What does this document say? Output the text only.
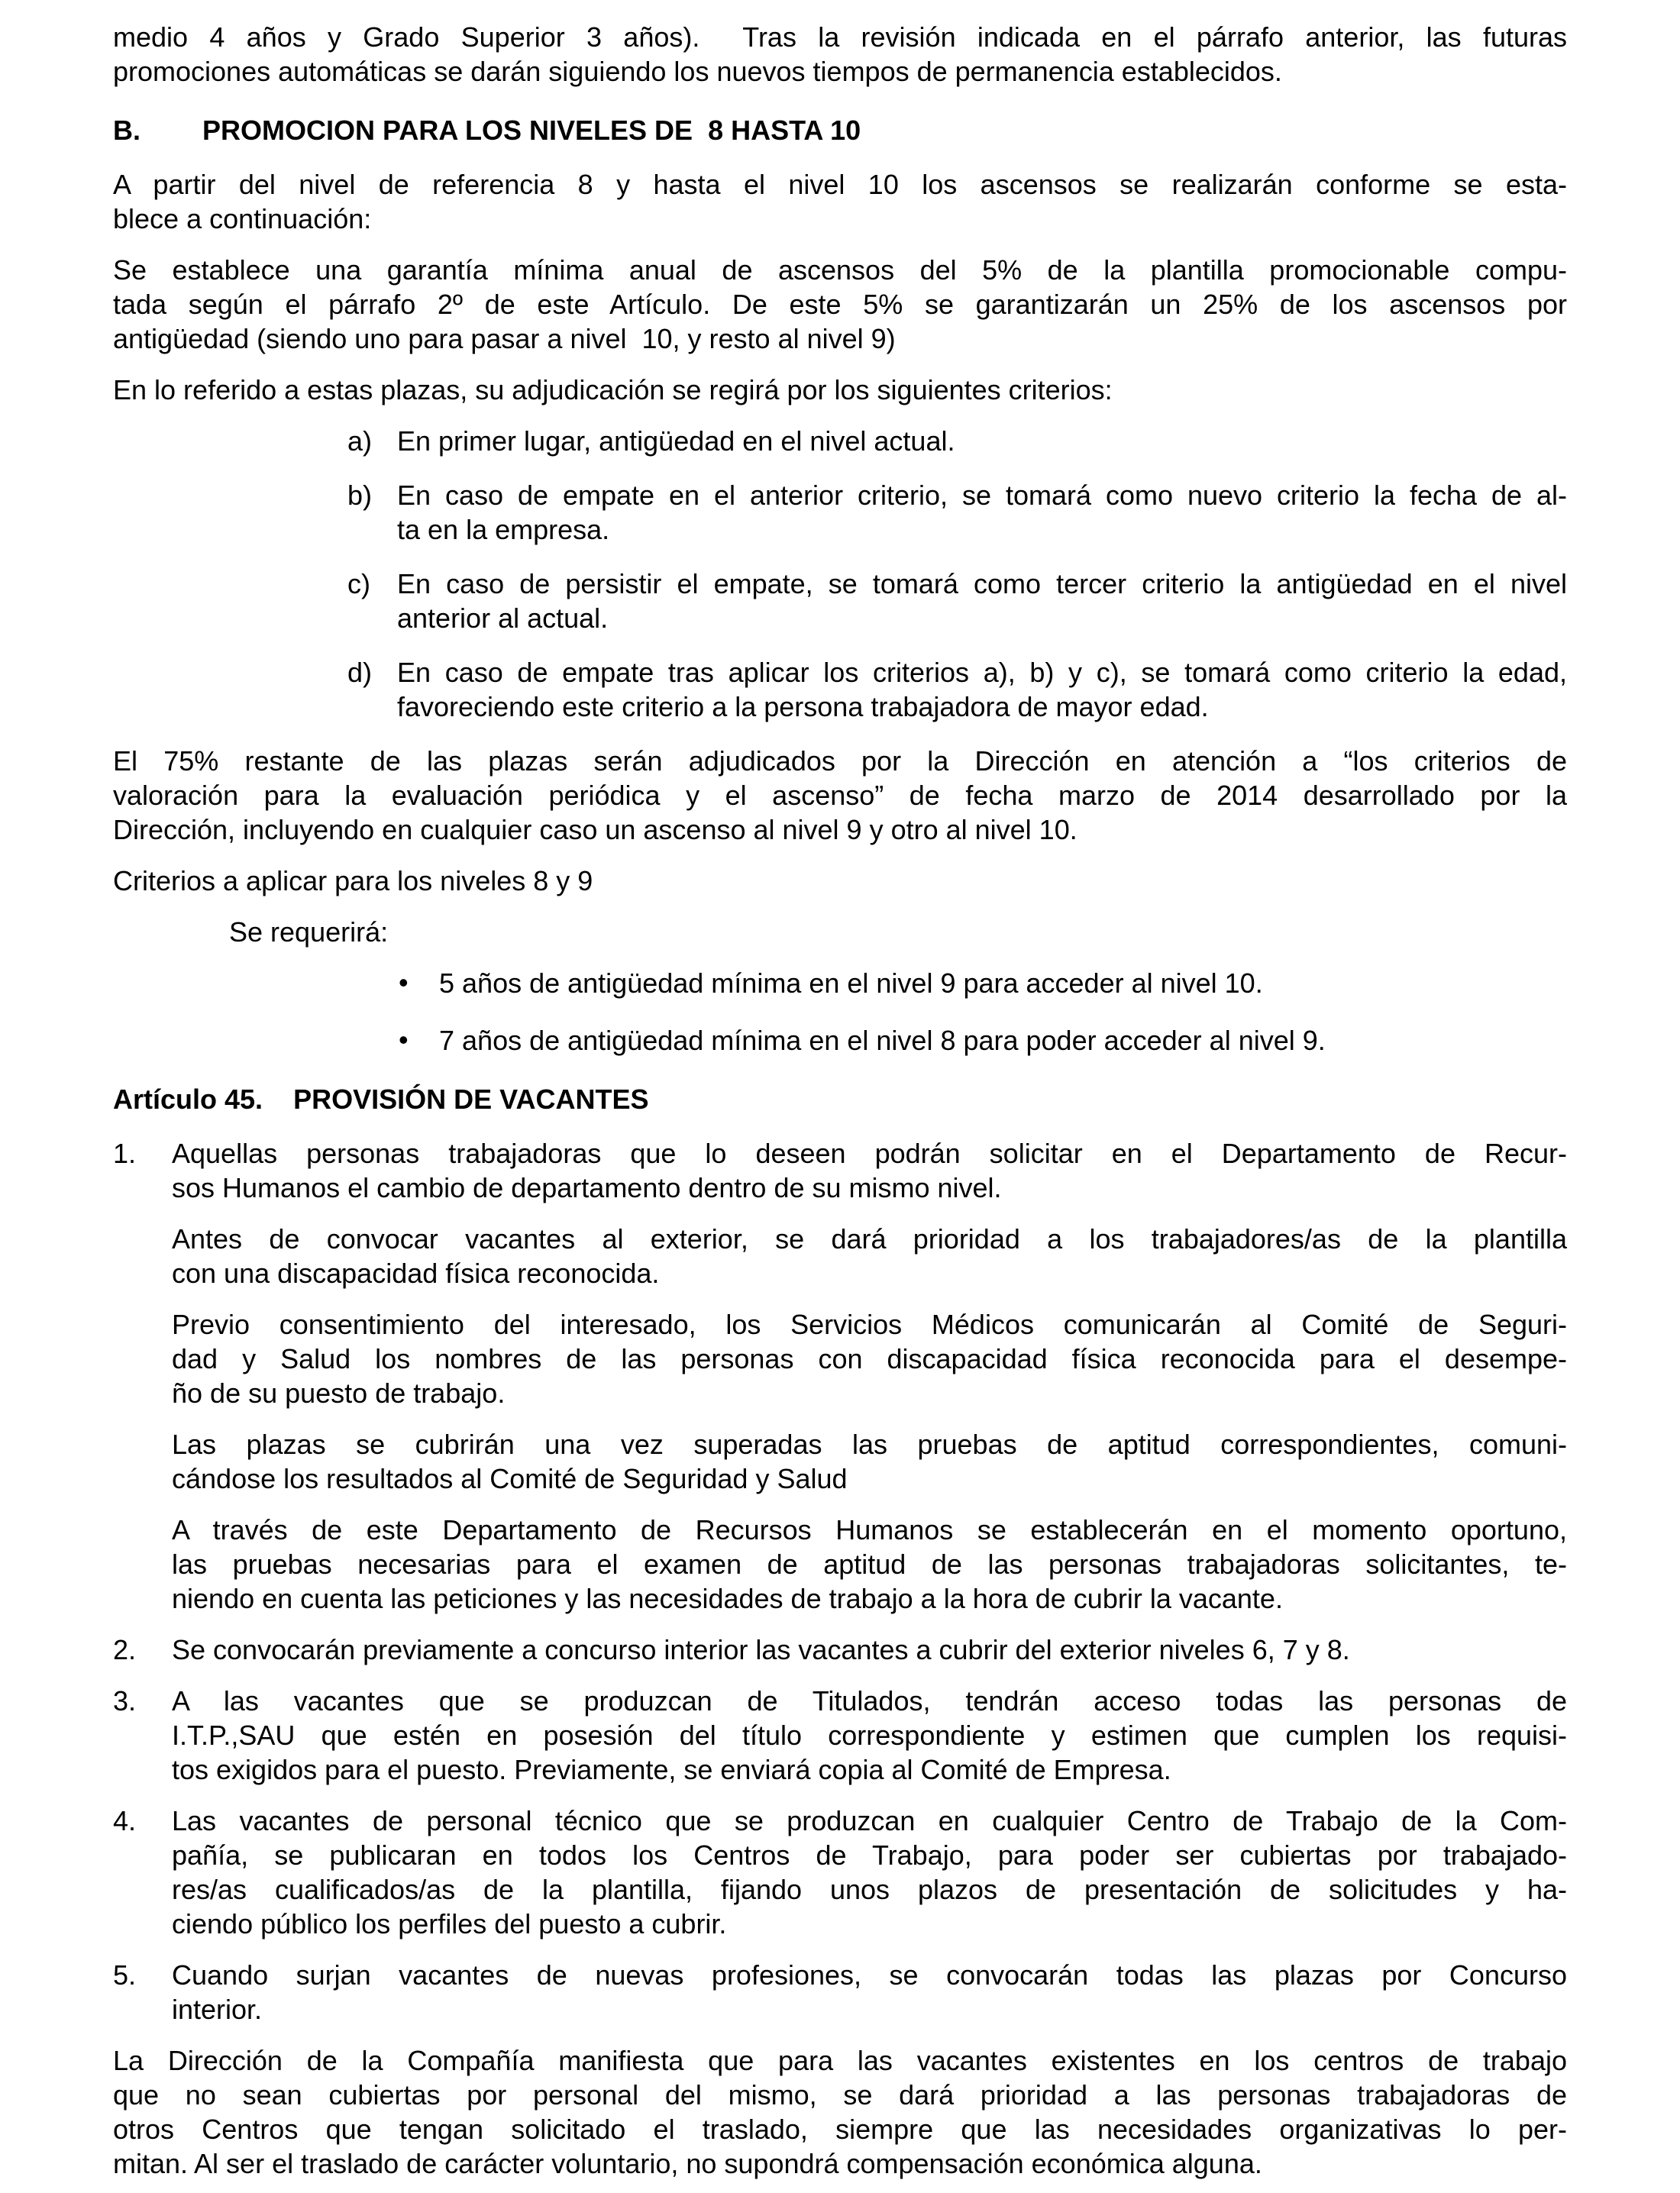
medio 4 años y Grado Superior 3 años).  Tras la revisión indicada en el párrafo anterior, las futuras
promociones automáticas se darán siguiendo los nuevos tiempos de permanencia establecidos.
B. PROMOCION PARA LOS NIVELES DE  8 HASTA 10
A partir del nivel de referencia 8 y hasta el nivel 10 los ascensos se realizarán conforme se esta-
blece a continuación:
Se establece una garantía mínima anual de ascensos del 5% de la plantilla promocionable compu-
tada según el párrafo 2º de este Artículo. De este 5% se garantizarán un 25% de los ascensos por
antigüedad (siendo uno para pasar a nivel  10, y resto al nivel 9)
En lo referido a estas plazas, su adjudicación se regirá por los siguientes criterios:
a) En primer lugar, antigüedad en el nivel actual.
b) En caso de empate en el anterior criterio, se tomará como nuevo criterio la fecha de al-
ta en la empresa.
c) En caso de persistir el empate, se tomará como tercer criterio la antigüedad en el nivel
anterior al actual.
d) En caso de empate tras aplicar los criterios a), b) y c), se tomará como criterio la edad,
favoreciendo este criterio a la persona trabajadora de mayor edad.
El 75% restante de las plazas serán adjudicados por la Dirección en atención a “los criterios de
valoración para la evaluación periódica y el ascenso” de fecha marzo de 2014 desarrollado por la
Dirección, incluyendo en cualquier caso un ascenso al nivel 9 y otro al nivel 10.
Criterios a aplicar para los niveles 8 y 9
Se requerirá:
• 5 años de antigüedad mínima en el nivel 9 para acceder al nivel 10.
• 7 años de antigüedad mínima en el nivel 8 para poder acceder al nivel 9.
Artículo 45. PROVISIÓN DE VACANTES
1. Aquellas personas trabajadoras que lo deseen podrán solicitar en el Departamento de Recur-
sos Humanos el cambio de departamento dentro de su mismo nivel.
Antes de convocar vacantes al exterior, se dará prioridad a los trabajadores/as de la plantilla
con una discapacidad física reconocida.
Previo consentimiento del interesado, los Servicios Médicos comunicarán al Comité de Seguri-
dad y Salud los nombres de las personas con discapacidad física reconocida para el desempe-
ño de su puesto de trabajo.
Las plazas se cubrirán una vez superadas las pruebas de aptitud correspondientes, comuni-
cándose los resultados al Comité de Seguridad y Salud
A través de este Departamento de Recursos Humanos se establecerán en el momento oportuno,
las pruebas necesarias para el examen de aptitud de las personas trabajadoras solicitantes, te-
niendo en cuenta las peticiones y las necesidades de trabajo a la hora de cubrir la vacante.
2. Se convocarán previamente a concurso interior las vacantes a cubrir del exterior niveles 6, 7 y 8.
3. A las vacantes que se produzcan de Titulados, tendrán acceso todas las personas de
I.T.P.,SAU que estén en posesión del título correspondiente y estimen que cumplen los requisi-
tos exigidos para el puesto. Previamente, se enviará copia al Comité de Empresa.
4. Las vacantes de personal técnico que se produzcan en cualquier Centro de Trabajo de la Com-
pañía, se publicaran en todos los Centros de Trabajo, para poder ser cubiertas por trabajado-
res/as cualificados/as de la plantilla, fijando unos plazos de presentación de solicitudes y ha-
ciendo público los perfiles del puesto a cubrir.
5. Cuando surjan vacantes de nuevas profesiones, se convocarán todas las plazas por Concurso
interior.
La Dirección de la Compañía manifiesta que para las vacantes existentes en los centros de trabajo
que no sean cubiertas por personal del mismo, se dará prioridad a las personas trabajadoras de
otros Centros que tengan solicitado el traslado, siempre que las necesidades organizativas lo per-
mitan. Al ser el traslado de carácter voluntario, no supondrá compensación económica alguna.
